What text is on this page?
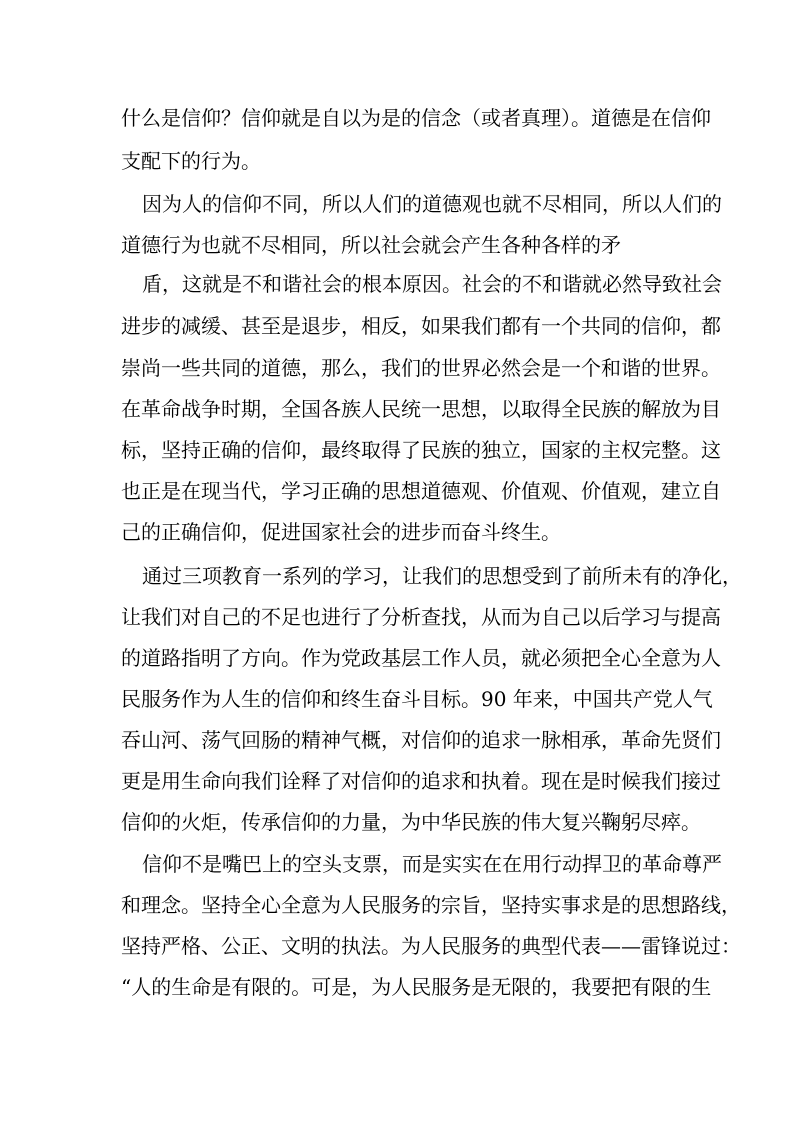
什么是信仰？信仰就是自以为是的信念（或者真理）。道德是在信仰
支配下的行为。
因为人的信仰不同，所以人们的道德观也就不尽相同，所以人们的
道德行为也就不尽相同，所以社会就会产生各种各样的矛
盾，这就是不和谐社会的根本原因。社会的不和谐就必然导致社会
进步的减缓、甚至是退步，相反，如果我们都有一个共同的信仰，都
崇尚一些共同的道德，那么，我们的世界必然会是一个和谐的世界。
在革命战争时期，全国各族人民统一思想，以取得全民族的解放为目
标，坚持正确的信仰，最终取得了民族的独立，国家的主权完整。这
也正是在现当代，学习正确的思想道德观、价值观、价值观，建立自
己的正确信仰，促进国家社会的进步而奋斗终生。
通过三项教育一系列的学习，让我们的思想受到了前所未有的净化，
让我们对自己的不足也进行了分析查找，从而为自己以后学习与提高
的道路指明了方向。作为党政基层工作人员，就必须把全心全意为人
民服务作为人生的信仰和终生奋斗目标。90 年来，中国共产党人气
吞山河、荡气回肠的精神气概，对信仰的追求一脉相承，革命先贤们
更是用生命向我们诠释了对信仰的追求和执着。现在是时候我们接过
信仰的火炬，传承信仰的力量，为中华民族的伟大复兴鞠躬尽瘁。
信仰不是嘴巴上的空头支票，而是实实在在用行动捍卫的革命尊严
和理念。坚持全心全意为人民服务的宗旨，坚持实事求是的思想路线，
坚持严格、公正、文明的执法。为人民服务的典型代表——雷锋说过：
“人的生命是有限的。可是，为人民服务是无限的，我要把有限的生
